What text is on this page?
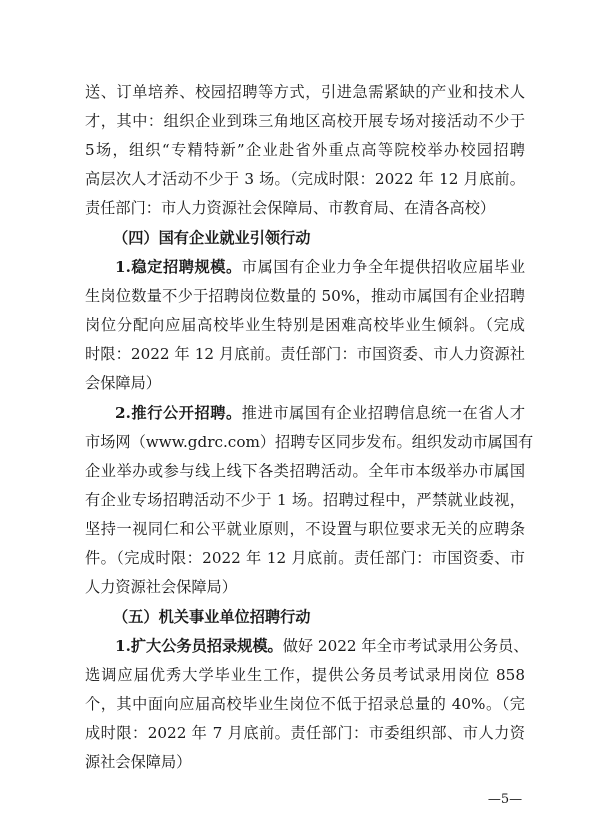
送、订单培养、校园招聘等方式，引进急需紧缺的产业和技术人
才，其中：组织企业到珠三角地区高校开展专场对接活动不少于
5场，组织“专精特新”企业赴省外重点高等院校举办校园招聘
高层次人才活动不少于 3 场。（完成时限：2022 年 12 月底前。
责任部门：市人力资源社会保障局、市教育局、在清各高校）
（四）国有企业就业引领行动
1.稳定招聘规模。市属国有企业力争全年提供招收应届毕业
生岗位数量不少于招聘岗位数量的 50%，推动市属国有企业招聘
岗位分配向应届高校毕业生特别是困难高校毕业生倾斜。（完成
时限：2022 年 12 月底前。责任部门：市国资委、市人力资源社
会保障局）
2.推行公开招聘。推进市属国有企业招聘信息统一在省人才
市场网（www.gdrc.com）招聘专区同步发布。组织发动市属国有
企业举办或参与线上线下各类招聘活动。全年市本级举办市属国
有企业专场招聘活动不少于 1 场。招聘过程中，严禁就业歧视，
坚持一视同仁和公平就业原则，不设置与职位要求无关的应聘条
件。（完成时限：2022 年 12 月底前。责任部门：市国资委、市
人力资源社会保障局）
（五）机关事业单位招聘行动
1.扩大公务员招录规模。做好 2022 年全市考试录用公务员、
选调应届优秀大学毕业生工作，提供公务员考试录用岗位 858
个，其中面向应届高校毕业生岗位不低于招录总量的 40%。（完
成时限：2022 年 7 月底前。责任部门：市委组织部、市人力资
源社会保障局）
—5—
